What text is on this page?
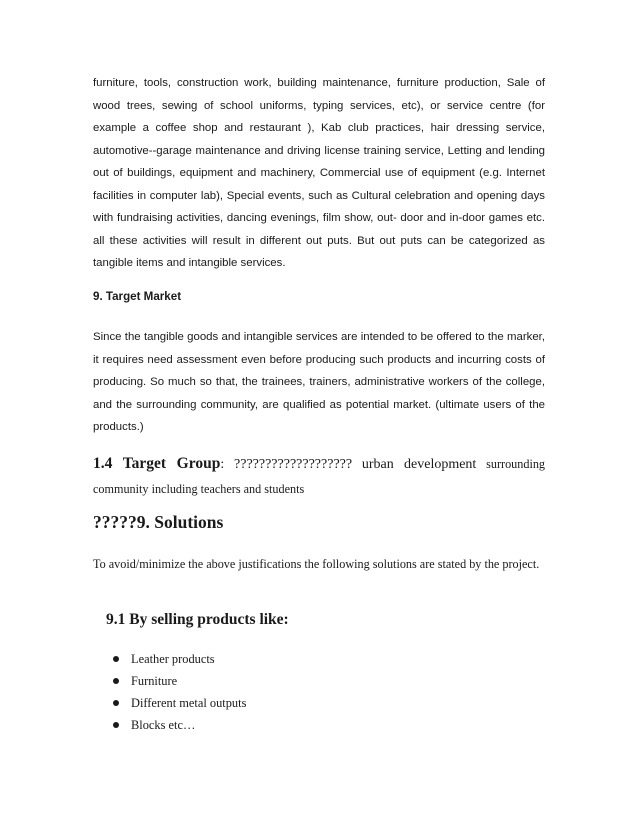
furniture, tools, construction work, building maintenance, furniture production, Sale of wood trees, sewing of school uniforms, typing services, etc), or service centre (for example a coffee shop and restaurant ), Kab club practices, hair dressing service, automotive--garage maintenance and driving license training service, Letting and lending out of buildings, equipment and machinery, Commercial use of equipment (e.g. Internet facilities in computer lab), Special events, such as Cultural celebration and opening days with fundraising activities, dancing evenings, film show, out- door and in-door games etc. all these activities will result in different out puts. But out puts can be categorized as tangible items and intangible services.

9. Target Market

Since the tangible goods and intangible services are intended to be offered to the marker, it requires need assessment even before producing such products and incurring costs of producing. So much so that, the trainees, trainers, administrative workers of the college, and the surrounding community, are qualified as potential market. (ultimate users of the products.)

1.4 Target Group: ??????????????????? urban development surrounding community including teachers and students

?????9. Solutions

To avoid/minimize the above justifications the following solutions are stated by the project.

9.1 By selling products like:

Leather products
Furniture
Different metal outputs
Blocks etc…
